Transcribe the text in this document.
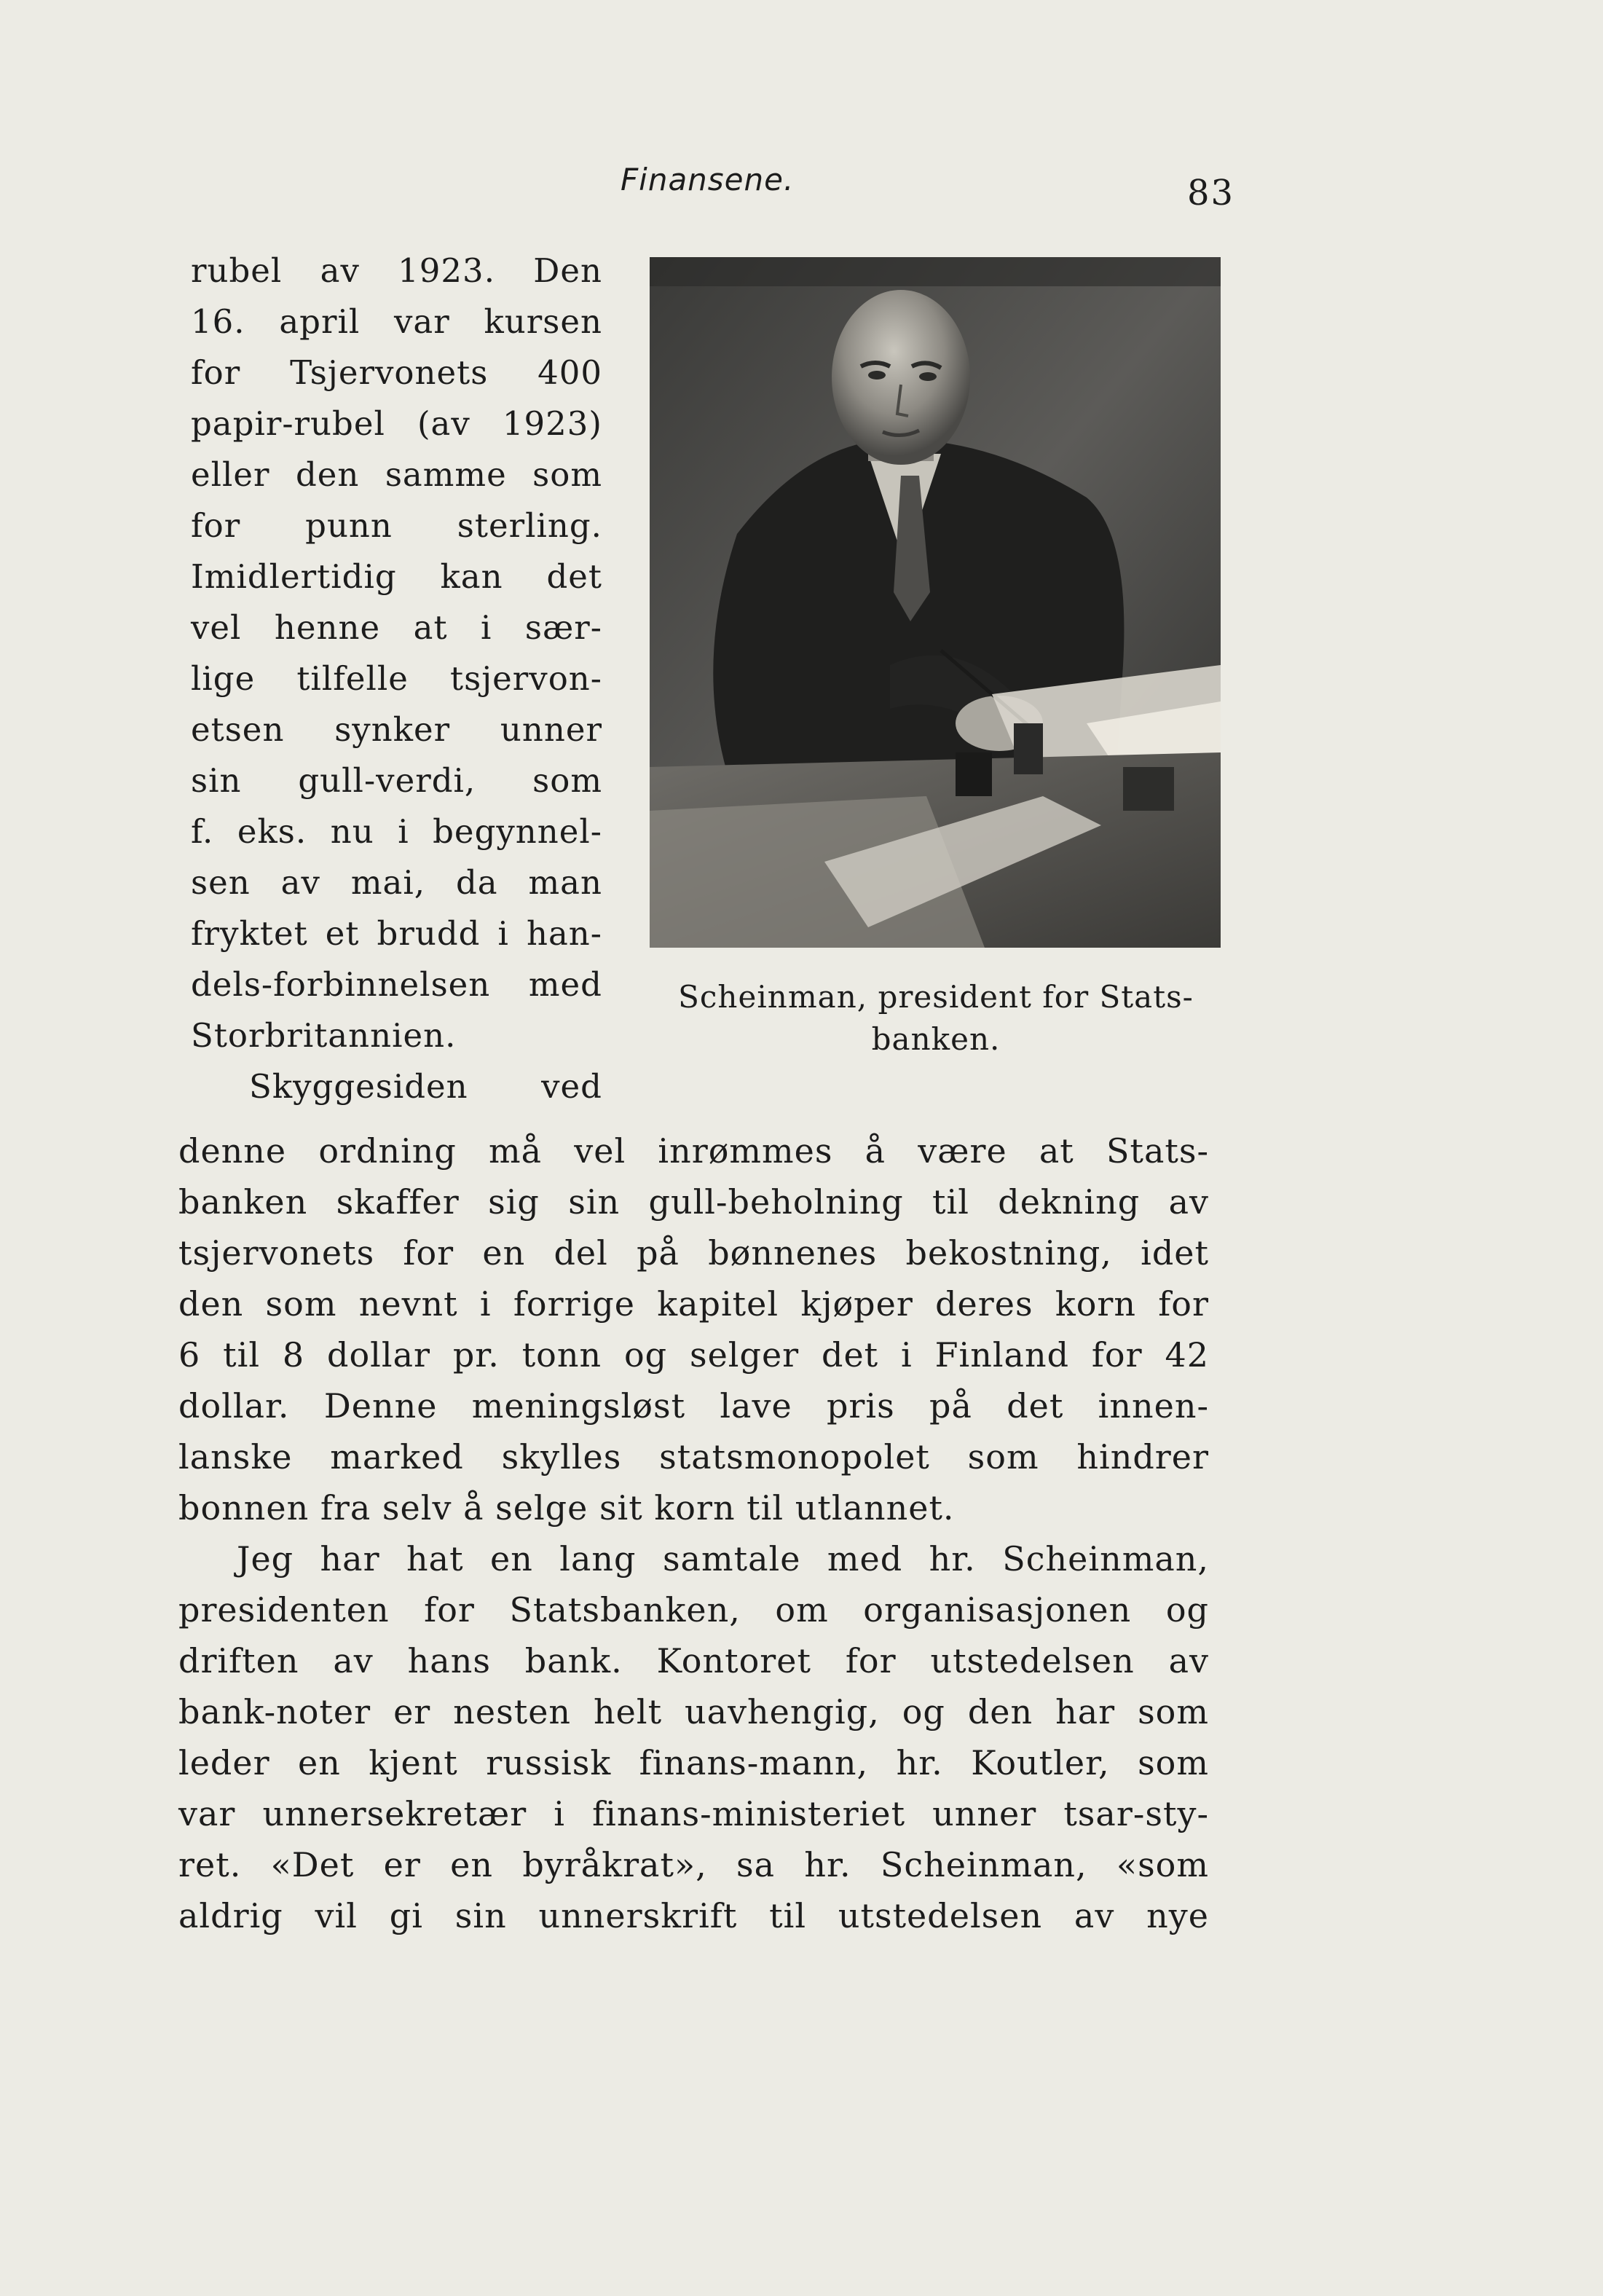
Finansene.	83
rubel av 1923. Den
16. april var kursen
for Tsjervonets 400
papir-rubel (av 1923)
eller den samme som
for punn sterling.
Imidlertidig kan det
vel henne at i sær-
lige tilfelle tsjervon-
etsen synker unner
sin gull-verdi, som
f. eks. nu i begynnel-
sen av mai, da man
fryktet et brudd i han-
dels-forbinnelsen med
Storbritannien.
Skyggesiden ved
Scheinman, president for Stats-
banken.
denne ordning må vel inrømmes å være at Stats-
banken skaffer sig sin gull-beholning til dekning av
tsjervonets for en del på bønnenes bekostning, idet
den som nevnt i forrige kapitel kjøper deres korn for
6 til 8 dollar pr. tonn og selger det i Finland for 42
dollar. Denne meningsløst lave pris på det innen-
lanske marked skylles statsmonopolet som hindrer
bonnen fra selv å selge sit korn til utlannet.
Jeg har hat en lang samtale med hr. Scheinman,
presidenten for Statsbanken, om organisasjonen og
driften av hans bank. Kontoret for utstedelsen av
bank-noter er nesten helt uavhengig, og den har som
leder en kjent russisk finans-mann, hr. Koutler, som
var unnersekretær i finans-ministeriet unner tsar-sty-
ret. «Det er en byråkrat», sa hr. Scheinman, «som
aldrig vil gi sin unnerskrift til utstedelsen av nye
